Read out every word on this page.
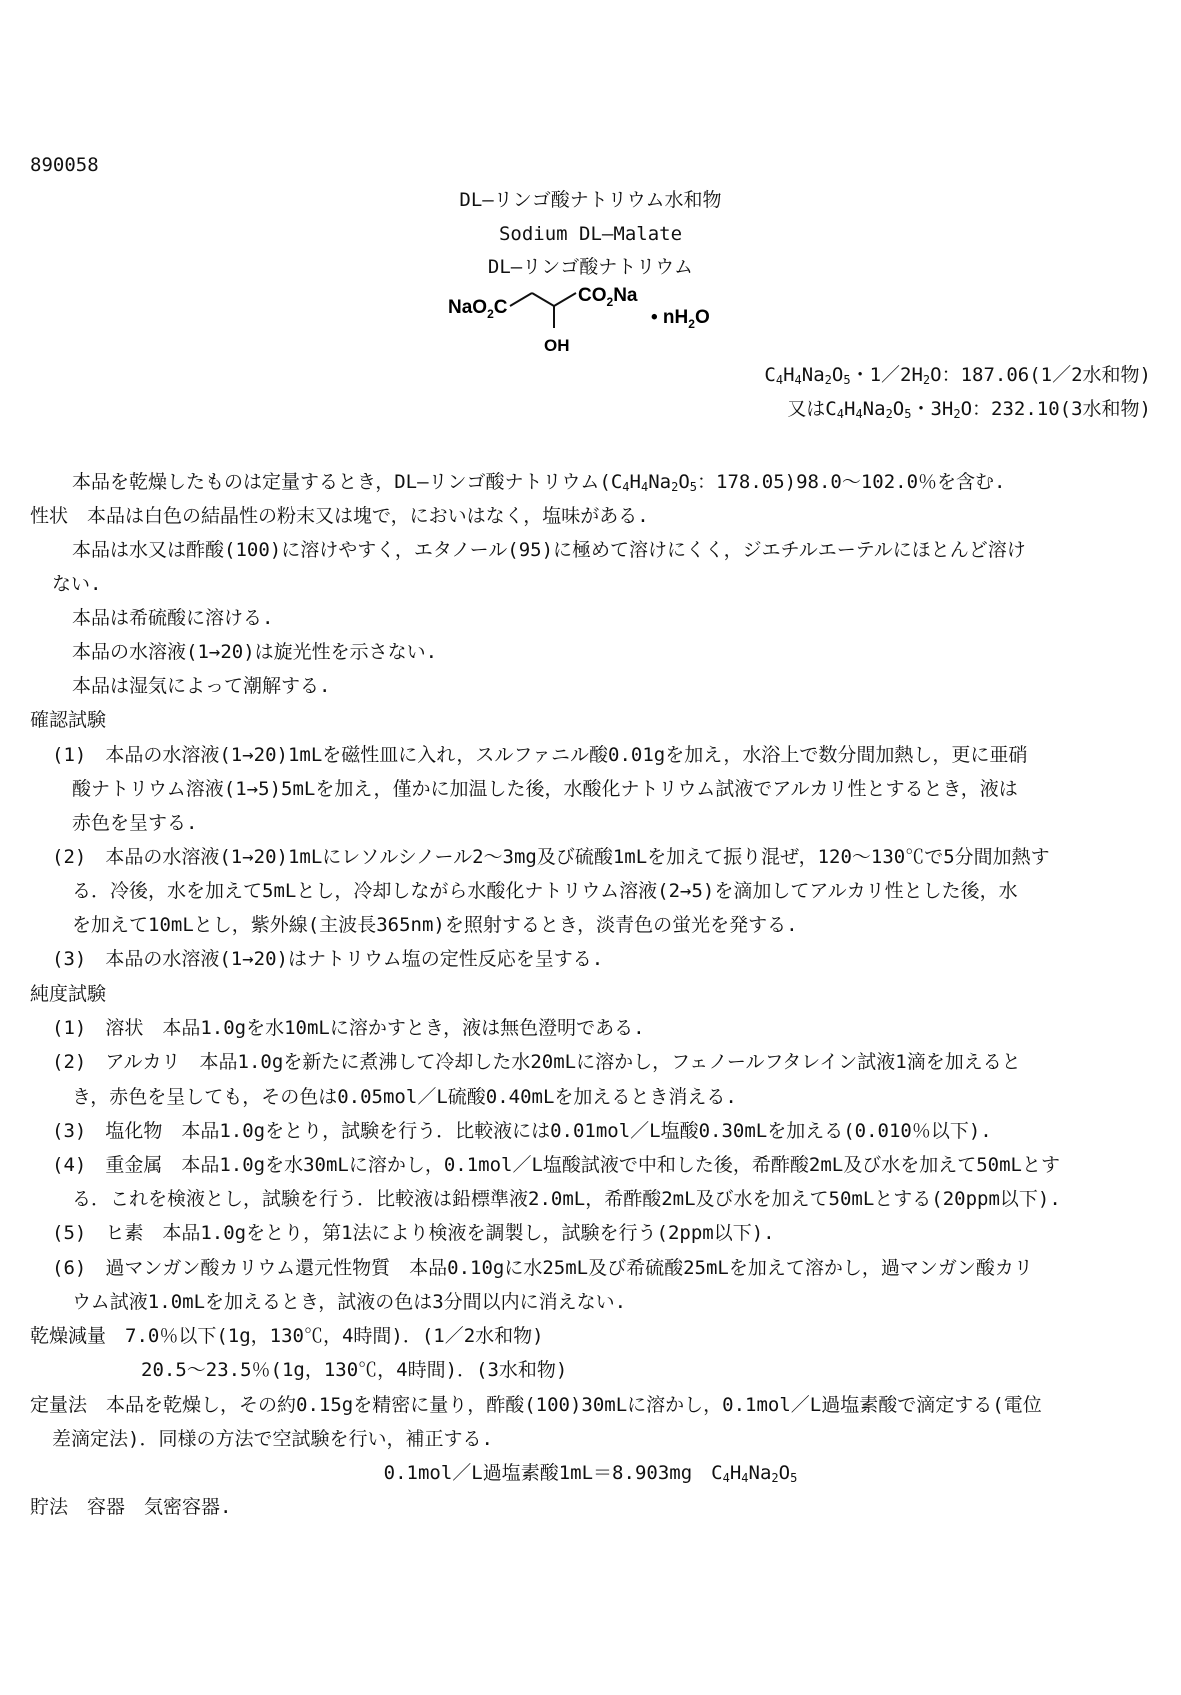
890058
DL―リンゴ酸ナトリウム水和物
Sodium DL―Malate
DL―リンゴ酸ナトリウム
NaO$_2$C
$CO_2Na$
OH
• $nH_2O$
$C_4H_4Na_2O_5$・$1/2H_2O$：187.06(1／2水和物)
又は$C_4H_4Na_2O_5$・$3H_2O$：232.10(3水和物)
本品を乾燥したものは定量するとき，DL―リンゴ酸ナトリウム($C_4H_4Na_2O_5$：178.05)98.0～102.0％を含む.
性状　 本品は白色の結晶性の粉末又は塊で，においはなく，塩味がある.
本品は水又は酢酸(100)に溶けやすく，エタノール(95)に極めて溶けにくく，ジエチルエーテルにほとんど溶け
ない.
本品は希硫酸に溶ける.
本品の水溶液(1→20)は旋光性を示さない.
本品は湿気によって潮解する.
確認試験
(1)　本品の水溶液(1→20)1mLを磁性皿に入れ，スルファニル酸0.01gを加え，水浴上で数分間加熱し，更に亜硝
酸ナトリウム溶液(1→5)5mLを加え，僅かに加温した後，水酸化ナトリウム試液でアルカリ性とするとき，液は
赤色を呈する.
(2)　本品の水溶液(1→20)1mLにレソルシノール2～3mg及び硫酸1mLを加えて振り混ぜ，120～130℃で5分間加熱す
る．冷後，水を加えて5mLとし，冷却しながら水酸化ナトリウム溶液(2→5)を滴加してアルカリ性とした後，水
を加えて10mLとし，紫外線(主波長365nm)を照射するとき，淡青色の蛍光を発する.
(3)　本品の水溶液(1→20)はナトリウム塩の定性反応を呈する.
純度試験
(1)　溶状　本品1.0gを水10mLに溶かすとき，液は無色澄明である.
(2)　アルカリ　本品1.0gを新たに煮沸して冷却した水20mLに溶かし，フェノールフタレイン試液1滴を加えると
き，赤色を呈しても，その色は0.05mol／L硫酸0.40mLを加えるとき消える.
(3)　塩化物　本品1.0gをとり，試験を行う．比較液には0.01mol／L塩酸0.30mLを加える(0.010％以下).
(4)　重金属　本品1.0gを水30mLに溶かし，0.1mol／L塩酸試液で中和した後，希酢酸2mL及び水を加えて50mLとす
る．これを検液とし，試験を行う．比較液は鉛標準液2.0mL，希酢酸2mL及び水を加えて50mLとする(20ppm以下).
(5)　ヒ素　本品1.0gをとり，第1法により検液を調製し，試験を行う(2ppm以下).
(6)　過マンガン酸カリウム還元性物質　本品0.10gに水25mL及び希硫酸25mLを加えて溶かし，過マンガン酸カリ
ウム試液1.0mLを加えるとき，試液の色は3分間以内に消えない.
乾燥減量　 7.0％以下(1g，130℃，4時間)．(1／2水和物)
20.5～23.5％(1g，130℃，4時間)．(3水和物)
定量法　 本品を乾燥し，その約0.15gを精密に量り，酢酸(100)30mLに溶かし，0.1mol／L過塩素酸で滴定する(電位
差滴定法)．同様の方法で空試験を行い，補正する.
0.1mol／L過塩素酸1mL＝8.903mg　$C_4H_4Na_2O_5$
貯法　 容器　気密容器.
